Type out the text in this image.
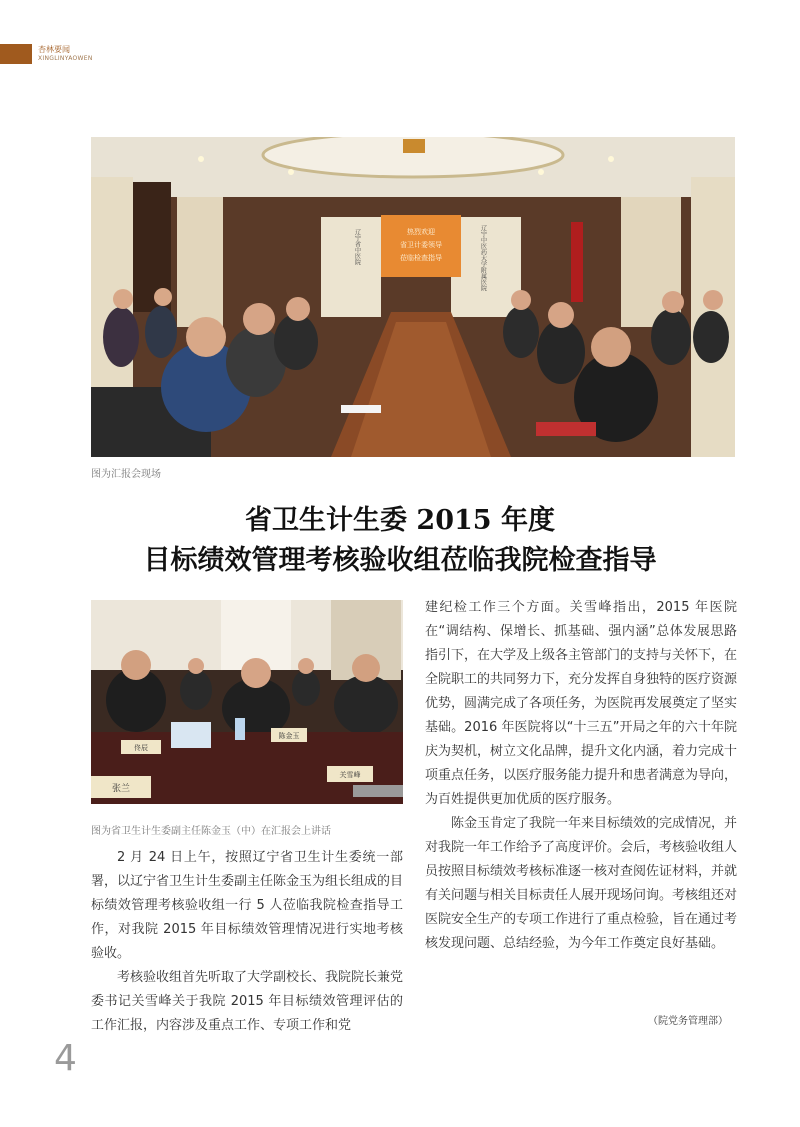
杏林要闻
XINGLINYAOWEN
热烈欢迎
省卫计委领导
莅临检查指导
辽宁省中医院	辽宁中医药大学附属医院
图为汇报会现场
省卫生计生委 2015 年度
目标绩效管理考核验收组莅临我院检查指导
佟辰
陈金玉
张兰
关雪峰
图为省卫生计生委副主任陈金玉（中）在汇报会上讲话

2 月 24 日上午，按照辽宁省卫生计生委统一部署，以辽宁省卫生计生委副主任陈金玉为组长组成的目标绩效管理考核验收组一行 5 人莅临我院检查指导工作，对我院 2015 年目标绩效管理情况进行实地考核验收。

考核验收组首先听取了大学副校长、我院院长兼党委书记关雪峰关于我院 2015 年目标绩效管理评估的工作汇报，内容涉及重点工作、专项工作和党

建纪检工作三个方面。关雪峰指出，2015 年医院在“调结构、保增长、抓基础、强内涵”总体发展思路指引下，在大学及上级各主管部门的支持与关怀下，在全院职工的共同努力下，充分发挥自身独特的医疗资源优势，圆满完成了各项任务，为医院再发展奠定了坚实基础。2016 年医院将以“十三五”开局之年的六十年院庆为契机，树立文化品牌，提升文化内涵，着力完成十项重点任务，以医疗服务能力提升和患者满意为导向，为百姓提供更加优质的医疗服务。

陈金玉肯定了我院一年来目标绩效的完成情况，并对我院一年工作给予了高度评价。会后，考核验收组人员按照目标绩效考核标准逐一核对查阅佐证材料，并就有关问题与相关目标责任人展开现场问询。考核组还对医院安全生产的专项工作进行了重点检验，旨在通过考核发现问题、总结经验，为今年工作奠定良好基础。

（院党务管理部）
4
